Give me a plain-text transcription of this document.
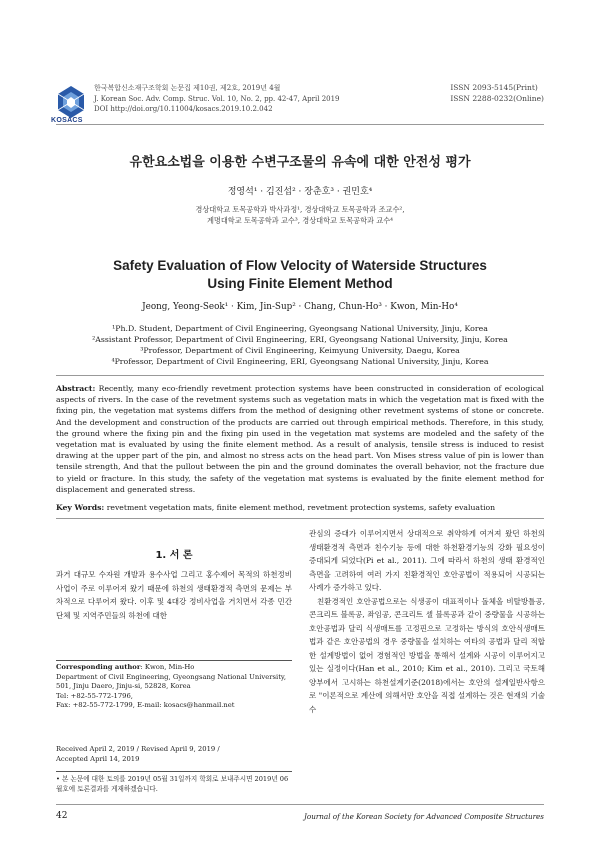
KOSACS
한국복합신소재구조학회 논문집 제10권, 제2호, 2019년 4월
J. Korean Soc. Adv. Comp. Struc. Vol. 10, No. 2, pp. 42-47, April 2019
DOI http://doi.org/10.11004/kosacs.2019.10.2.042
ISSN 2093-5145(Print)
ISSN 2288-0232(Online)
유한요소법을 이용한 수변구조물의 유속에 대한 안전성 평가
정영석¹ · 김진섭² · 장춘호³ · 권민호⁴
경상대학교 토목공학과 박사과정¹, 경상대학교 토목공학과 조교수²,
계명대학교 토목공학과 교수³, 경상대학교 토목공학과 교수⁴
Safety Evaluation of Flow Velocity of Waterside Structures
Using Finite Element Method
Jeong, Yeong-Seok¹ · Kim, Jin-Sup² · Chang, Chun-Ho³ · Kwon, Min-Ho⁴
¹Ph.D. Student, Department of Civil Engineering, Gyeongsang National University, Jinju, Korea
²Assistant Professor, Department of Civil Engineering, ERI, Gyeongsang National University, Jinju, Korea
³Professor, Department of Civil Engineering, Keimyung University, Daegu, Korea
⁴Professor, Department of Civil Engineering, ERI, Gyeongsang National University, Jinju, Korea
Abstract: Recently, many eco-friendly revetment protection systems have been constructed in consideration of ecological aspects of rivers. In the case of the revetment systems such as vegetation mats in which the vegetation mat is fixed with the fixing pin, the vegetation mat systems differs from the method of designing other revetment systems of stone or concrete. And the development and construction of the products are carried out through empirical methods. Therefore, in this study, the ground where the fixing pin and the fixing pin used in the vegetation mat systems are modeled and the safety of the vegetation mat is evaluated by using the finite element method. As a result of analysis, tensile stress is induced to resist drawing at the upper part of the pin, and almost no stress acts on the head part. Von Mises stress value of pin is lower than tensile strength, And that the pullout between the pin and the ground dominates the overall behavior, not the fracture due to yield or fracture. In this study, the safety of the vegetation mat systems is evaluated by the finite element method for displacement and generated stress.
Key Words: revetment vegetation mats, finite element method, revetment protection systems, safety evaluation
1. 서 론
과거 대규모 수자원 개발과 용수사업 그리고 홍수제어 목적의 하천정비 사업이 주로 이루어져 왔기 때문에 하천의 생태환경적 측면의 문제는 부차적으로 다루어져 왔다. 이후 및 4대강 정비사업을 거치면서 각종 민간단체 및 지역주민들의 하천에 대한
Corresponding author: Kwon, Min-Ho
Department of Civil Engineering, Gyeongsang National University,
501, Jinju Daero, Jinju-si, 52828, Korea
Tel: +82-55-772-1796,
Fax: +82-55-772-1799, E-mail: kosacs@hanmail.net
Received April 2, 2019 / Revised April 9, 2019 /
Accepted April 14, 2019
• 본 논문에 대한 토의를 2019년 05월 31일까지 학회로 보내주시면 2019년 06월호에 토론결과를 게재하겠습니다.
관심의 증대가 이루어지면서 상대적으로 취약하게 여겨져 왔던 하천의 생태환경적 측면과 친수기능 등에 대한 하천환경기능의 강화 필요성이 증대되게 되었다(Pi et al., 2011). 그에 따라서 하천의 생태 환경적인 측면을 고려하여 여러 가지 친환경적인 호안공법이 적용되어 시공되는 사례가 증가하고 있다.
친환경적인 호안공법으로는 식생공이 대표적이나 돌체올 비탈방틀공, 콘크리트 블록공, 좌임공, 콘크리트 셀 블록공과 같이 중량물을 시공하는 호안공법과 달리 식생매트를 고정핀으로 고정하는 방식의 호안식생매트법과 같은 호안공법의 경우 중량물을 설치하는 여타의 공법과 달리 적합한 설계방법이 없어 경험적인 방법을 통해서 설계와 시공이 이루어지고 있는 실정이다(Han et al., 2010; Kim et al., 2010). 그리고 국토해양부에서 고시하는 하천설계기준(2018)에서는 호안의 설계일반사항으로 "이론적으로 계산에 의해서만 호안을 직접 설계하는 것은 현재의 기술수
42	Journal of the Korean Society for Advanced Composite Structures
